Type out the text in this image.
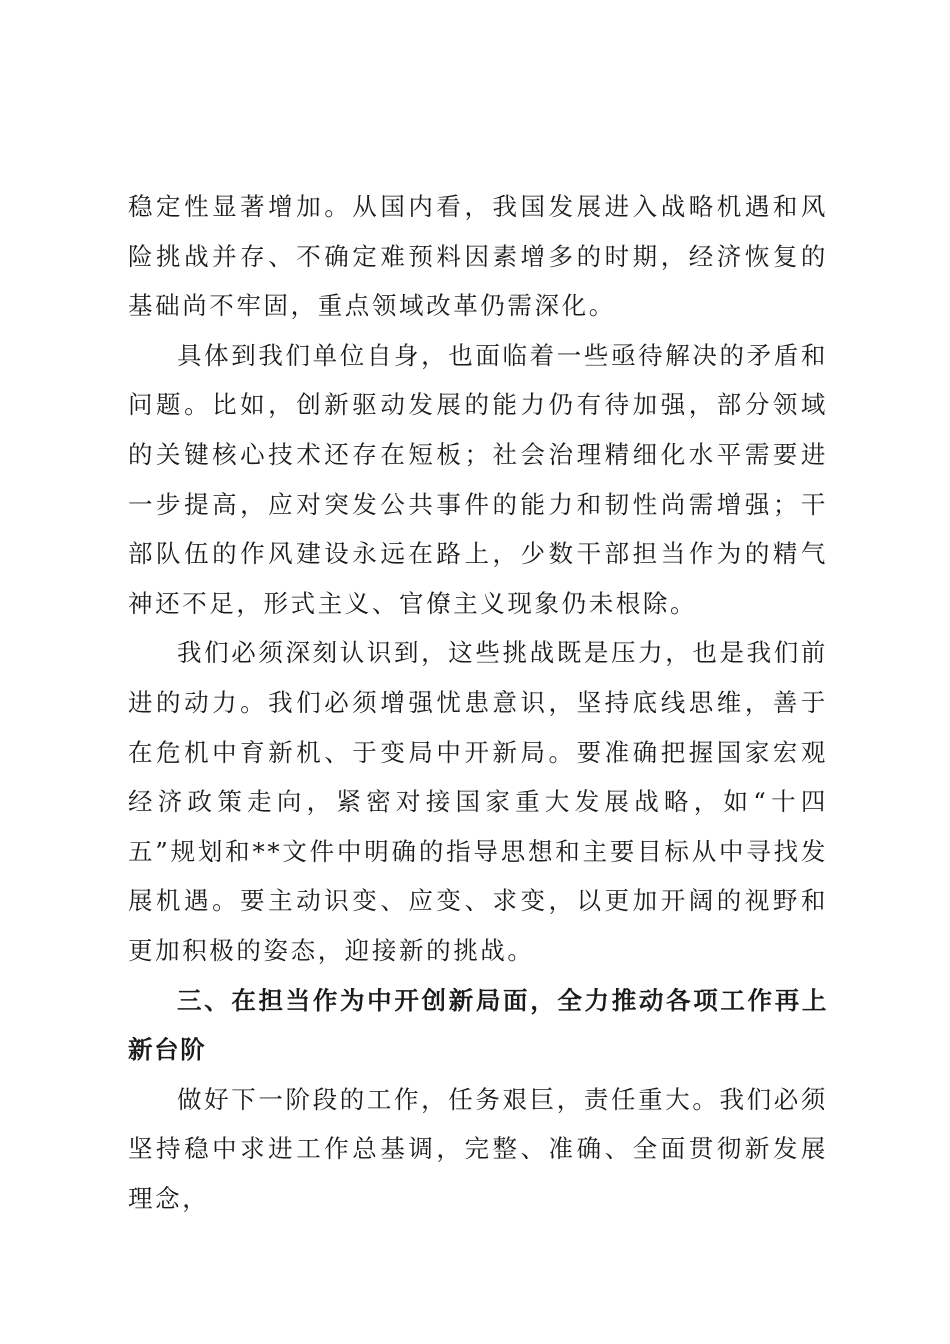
稳定性显著增加。从国内看，我国发展进入战略机遇和风险挑战并存、不确定难预料因素增多的时期，经济恢复的基础尚不牢固，重点领域改革仍需深化。

具体到我们单位自身，也面临着一些亟待解决的矛盾和问题。比如，创新驱动发展的能力仍有待加强，部分领域的关键核心技术还存在短板；社会治理精细化水平需要进一步提高，应对突发公共事件的能力和韧性尚需增强；干部队伍的作风建设永远在路上，少数干部担当作为的精气神还不足，形式主义、官僚主义现象仍未根除。

我们必须深刻认识到，这些挑战既是压力，也是我们前进的动力。我们必须增强忧患意识，坚持底线思维，善于在危机中育新机、于变局中开新局。要准确把握国家宏观经济政策走向，紧密对接国家重大发展战略，如“十四五”规划和**文件中明确的指导思想和主要目标从中寻找发展机遇。要主动识变、应变、求变，以更加开阔的视野和更加积极的姿态，迎接新的挑战。

三、在担当作为中开创新局面，全力推动各项工作再上新台阶

做好下一阶段的工作，任务艰巨，责任重大。我们必须坚持稳中求进工作总基调，完整、准确、全面贯彻新发展理念，
